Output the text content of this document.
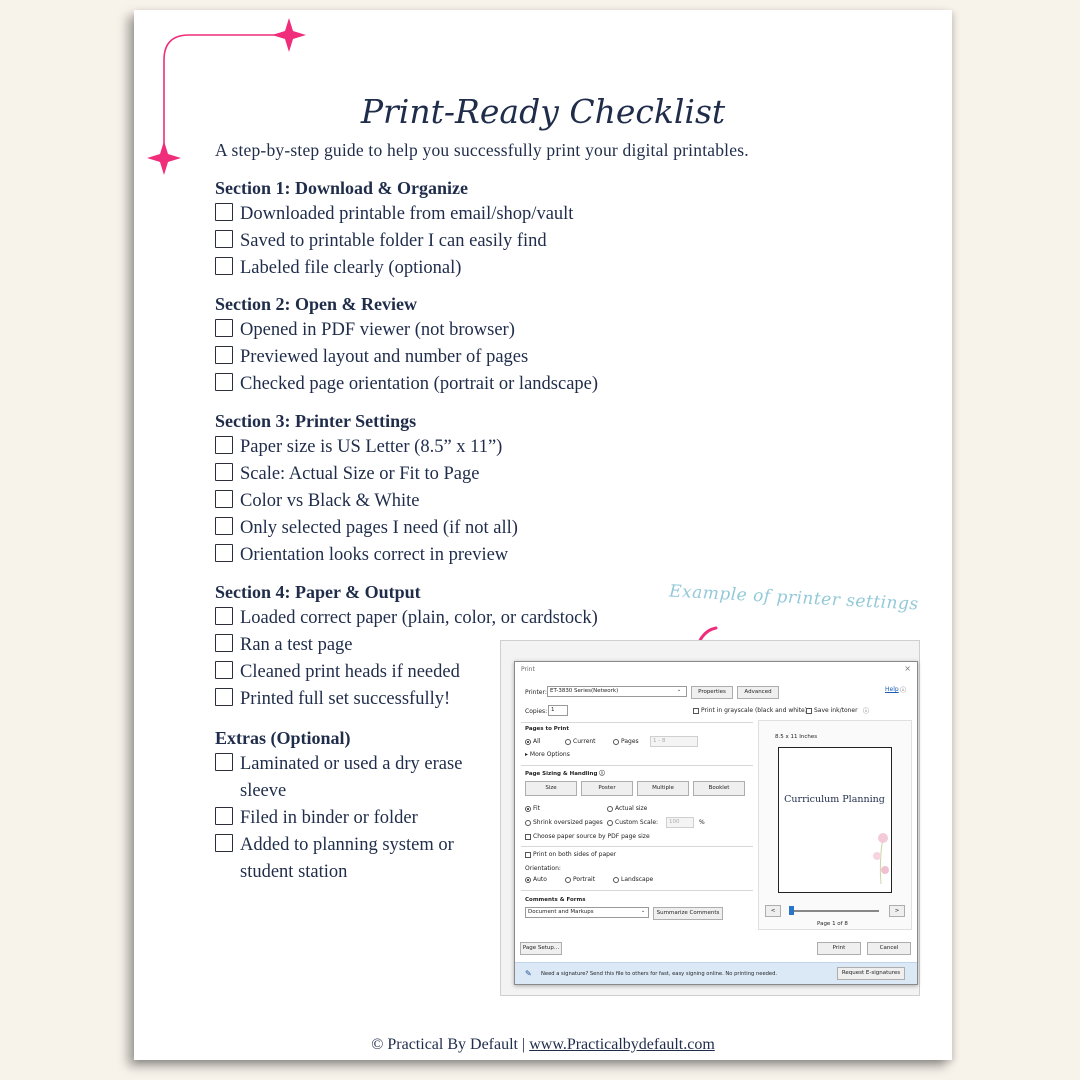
Print-Ready Checklist
A step-by-step guide to help you successfully print your digital printables.
Section 1: Download & Organize
Downloaded printable from email/shop/vault
Saved to printable folder I can easily find
Labeled file clearly (optional)
Section 2: Open & Review
Opened in PDF viewer (not browser)
Previewed layout and number of pages
Checked page orientation (portrait or landscape)
Section 3: Printer Settings
Paper size is US Letter (8.5” x 11”)
Scale: Actual Size or Fit to Page
Color vs Black & White
Only selected pages I need (if not all)
Orientation looks correct in preview
Section 4: Paper & Output
Loaded correct paper (plain, color, or cardstock)
Ran a test page
Cleaned print heads if needed
Printed full set successfully!
Extras (Optional)
Laminated or used a dry erase sleeve
Filed in binder or folder
Added to planning system or student station
Example of printer settings
Print	×
Printer: ET-3830 Series(Network)	⌄	Properties	Advanced	Help ⓘ
Copies: 1	Print in grayscale (black and white)	Save ink/toner ⓘ
Pages to Print
All	Current	Pages	1 - 8
▸ More Options
Page Sizing & Handling ⓘ
Size	Poster	Multiple	Booklet
Fit	Actual size
Shrink oversized pages	Custom Scale:	100	%
Choose paper source by PDF page size
Print on both sides of paper
Orientation:
Auto	Portrait	Landscape
Comments & Forms
Document and Markups	⌄	Summarize Comments
8.5 x 11 Inches
Curriculum Planning
<	>
Page 1 of 8
Page Setup...	Print	Cancel
✎ Need a signature? Send this file to others for fast, easy signing online. No printing needed.	Request E-signatures
© Practical By Default | www.Practicalbydefault.com
